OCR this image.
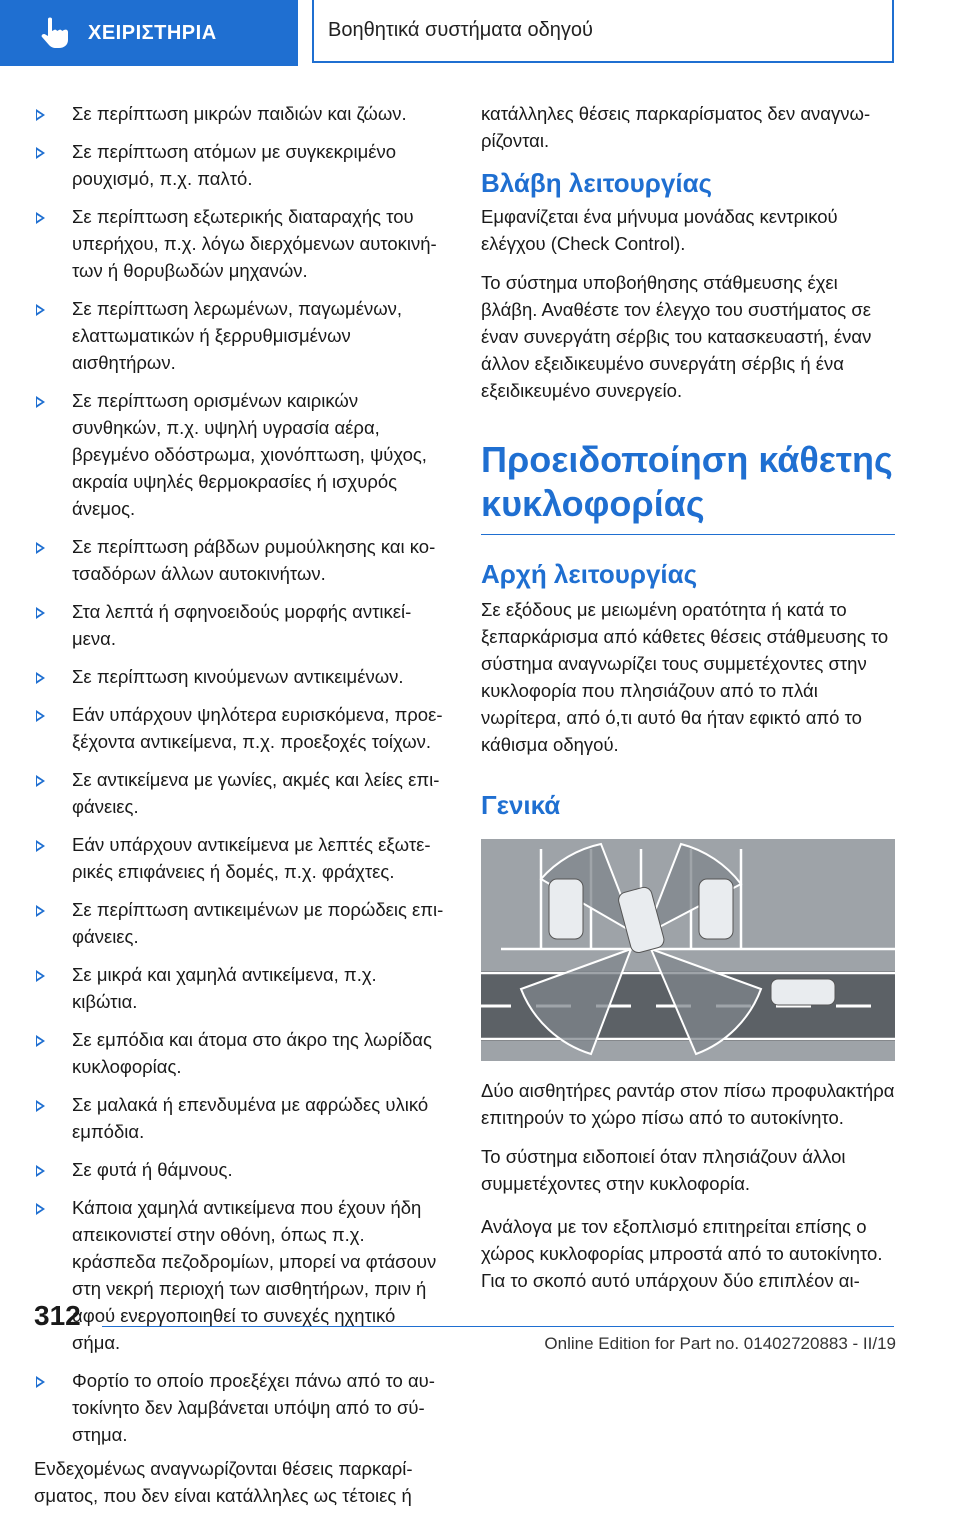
ΧΕΙΡΙΣΤΗΡΙΑ	Βοηθητικά συστήματα οδηγού
Σε περίπτωση μικρών παιδιών και ζώων.
Σε περίπτωση ατόμων με συγκεκριμένο ρουχισμό, π.χ. παλτό.
Σε περίπτωση εξωτερικής διαταραχής του υπερήχου, π.χ. λόγω διερχόμενων αυτοκινήτων ή θορυβωδών μηχανών.
Σε περίπτωση λερωμένων, παγωμένων, ελαττωματικών ή ξερρυθμισμένων αισθητήρων.
Σε περίπτωση ορισμένων καιρικών συνθηκών, π.χ. υψηλή υγρασία αέρα, βρεγμένο οδόστρωμα, χιονόπτωση, ψύχος, ακραία υψηλές θερμοκρασίες ή ισχυρός άνεμος.
Σε περίπτωση ράβδων ρυμούλκησης και κοτσαδόρων άλλων αυτοκινήτων.
Στα λεπτά ή σφηνοειδούς μορφής αντικείμενα.
Σε περίπτωση κινούμενων αντικειμένων.
Εάν υπάρχουν ψηλότερα ευρισκόμενα, προεξέχοντα αντικείμενα, π.χ. προεξοχές τοίχων.
Σε αντικείμενα με γωνίες, ακμές και λείες επιφάνειες.
Εάν υπάρχουν αντικείμενα με λεπτές εξωτερικές επιφάνειες ή δομές, π.χ. φράχτες.
Σε περίπτωση αντικειμένων με πορώδεις επιφάνειες.
Σε μικρά και χαμηλά αντικείμενα, π.χ. κιβώτια.
Σε εμπόδια και άτομα στο άκρο της λωρίδας κυκλοφορίας.
Σε μαλακά ή επενδυμένα με αφρώδες υλικό εμπόδια.
Σε φυτά ή θάμνους.
Κάποια χαμηλά αντικείμενα που έχουν ήδη απεικονιστεί στην οθόνη, όπως π.χ. κράσπεδα πεζοδρομίων, μπορεί να φτάσουν στη νεκρή περιοχή των αισθητήρων, πριν ή αφού ενεργοποιηθεί το συνεχές ηχητικό σήμα.
Φορτίο το οποίο προεξέχει πάνω από το αυτοκίνητο δεν λαμβάνεται υπόψη από το σύστημα.

Ενδεχομένως αναγνωρίζονται θέσεις παρκαρίσματος, που δεν είναι κατάλληλες ως τέτοιες ή

κατάλληλες θέσεις παρκαρίσματος δεν αναγνωρίζονται.

Βλάβη λειτουργίας

Εμφανίζεται ένα μήνυμα μονάδας κεντρικού ελέγχου (Check Control).

Το σύστημα υποβοήθησης στάθμευσης έχει βλάβη. Αναθέστε τον έλεγχο του συστήματος σε έναν συνεργάτη σέρβις του κατασκευαστή, έναν άλλον εξειδικευμένο συνεργάτη σέρβις ή ένα εξειδικευμένο συνεργείο.

Προειδοποίηση κάθετης κυκλοφορίας
Αρχή λειτουργίας

Σε εξόδους με μειωμένη ορατότητα ή κατά το ξεπαρκάρισμα από κάθετες θέσεις στάθμευσης το σύστημα αναγνωρίζει τους συμμετέχοντες στην κυκλοφορία που πλησιάζουν από το πλάι νωρίτερα, από ό,τι αυτό θα ήταν εφικτό από το κάθισμα οδηγού.

Γενικά

Δύο αισθητήρες ραντάρ στον πίσω προφυλακτήρα επιτηρούν το χώρο πίσω από το αυτοκίνητο.

Το σύστημα ειδοποιεί όταν πλησιάζουν άλλοι συμμετέχοντες στην κυκλοφορία.

Ανάλογα με τον εξοπλισμό επιτηρείται επίσης ο χώρος κυκλοφορίας μπροστά από το αυτοκίνητο. Για το σκοπό αυτό υπάρχουν δύο επιπλέον αι-

312
Online Edition for Part no. 01402720883 - II/19
